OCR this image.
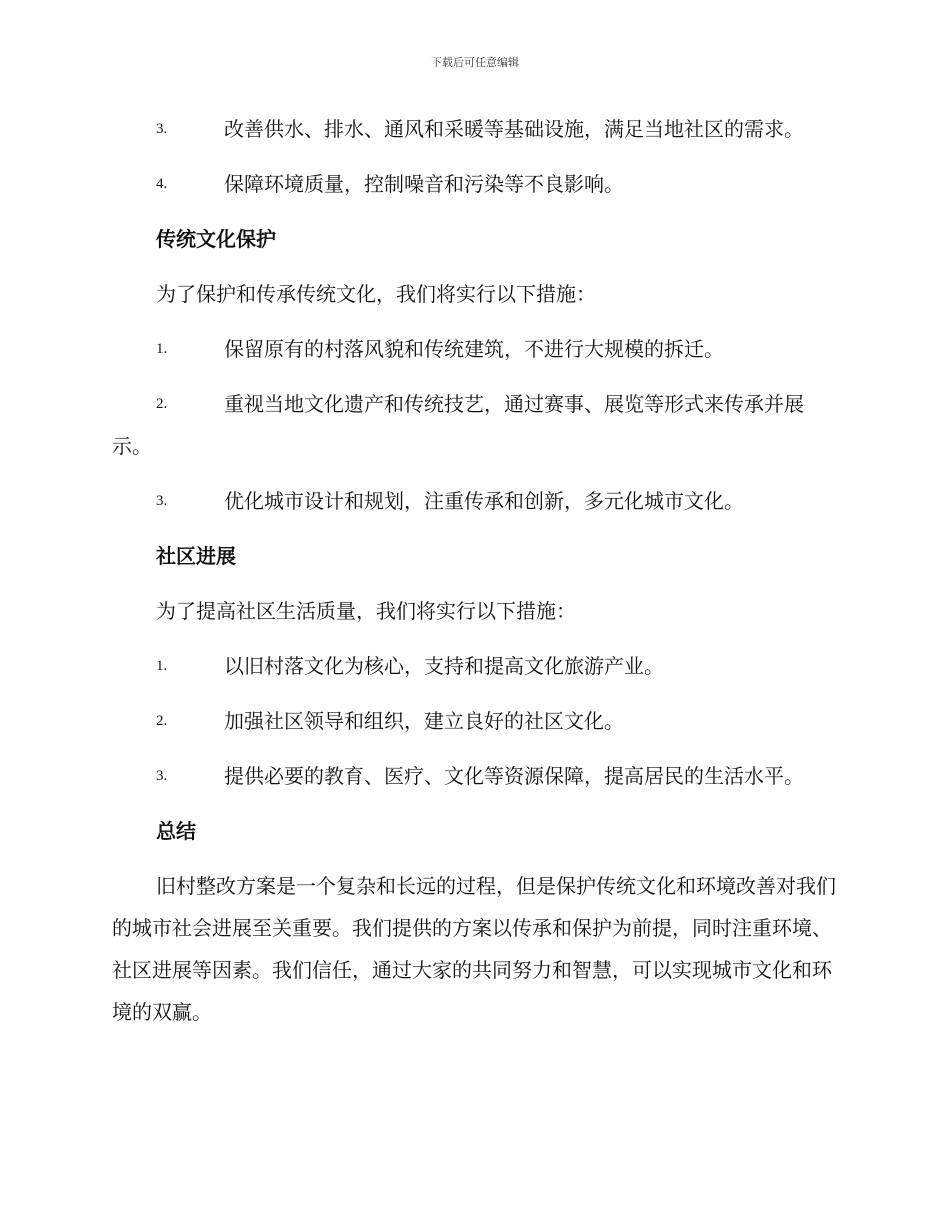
下载后可任意编辑
3.	改善供水、排水、通风和采暖等基础设施，满足当地社区的需求。
4.	保障环境质量，控制噪音和污染等不良影响。
传统文化保护
为了保护和传承传统文化，我们将实行以下措施：
1.	保留原有的村落风貌和传统建筑，不进行大规模的拆迁。
2.	重视当地文化遗产和传统技艺，通过赛事、展览等形式来传承并展示。
3.	优化城市设计和规划，注重传承和创新，多元化城市文化。
社区进展
为了提高社区生活质量，我们将实行以下措施：
1.	以旧村落文化为核心，支持和提高文化旅游产业。
2.	加强社区领导和组织，建立良好的社区文化。
3.	提供必要的教育、医疗、文化等资源保障，提高居民的生活水平。
总结
旧村整改方案是一个复杂和长远的过程，但是保护传统文化和环境改善对我们的城市社会进展至关重要。我们提供的方案以传承和保护为前提，同时注重环境、社区进展等因素。我们信任，通过大家的共同努力和智慧，可以实现城市文化和环境的双赢。
